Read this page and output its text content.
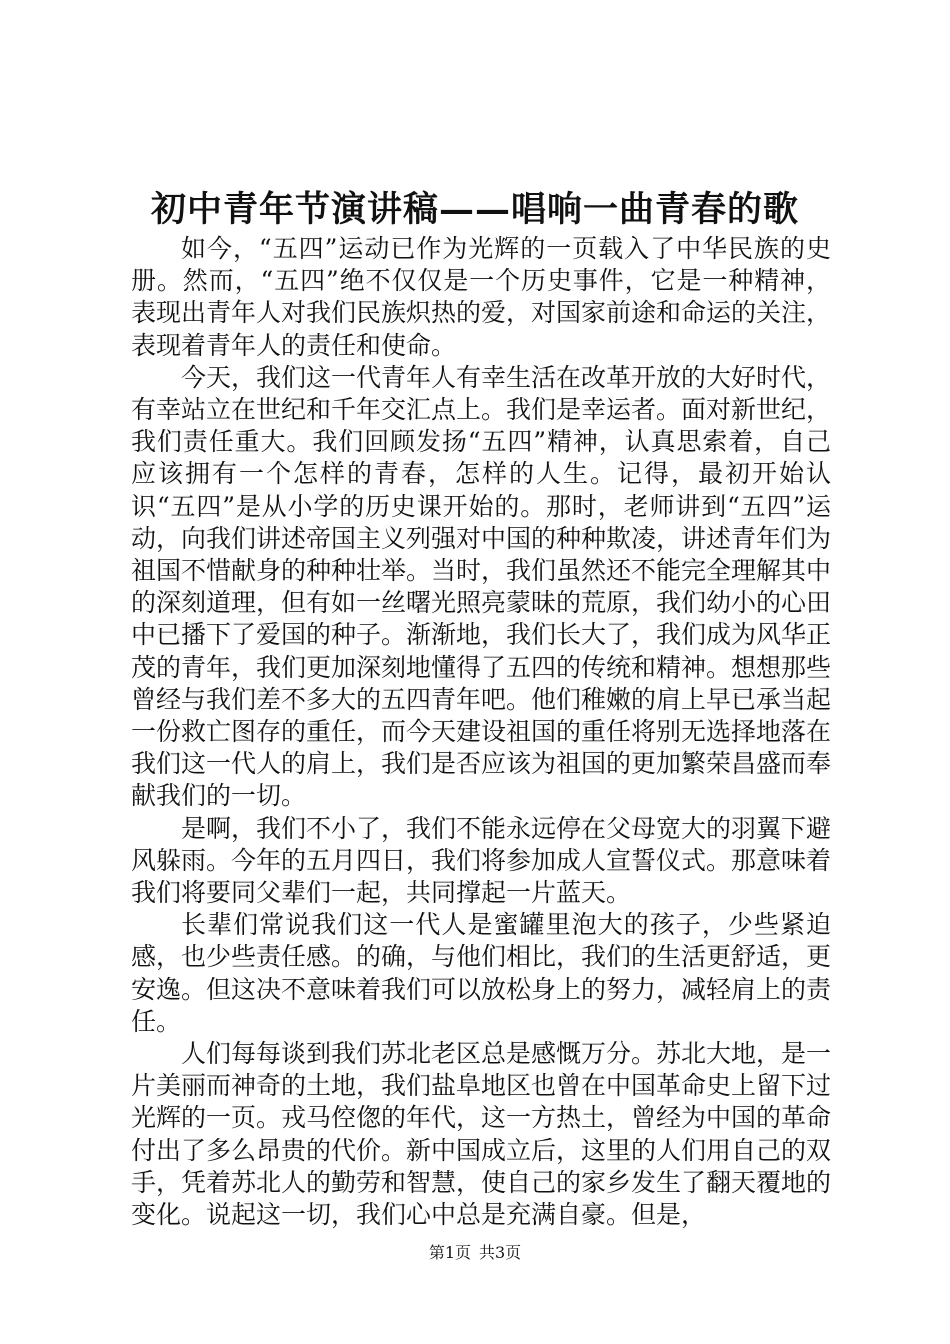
初中青年节演讲稿——唱响一曲青春的歌

如今，“五四”运动已作为光辉的一页载入了中华民族的史册。然而，“五四”绝不仅仅是一个历史事件，它是一种精神，表现出青年人对我们民族炽热的爱，对国家前途和命运的关注，表现着青年人的责任和使命。

今天，我们这一代青年人有幸生活在改革开放的大好时代，有幸站立在世纪和千年交汇点上。我们是幸运者。面对新世纪，我们责任重大。我们回顾发扬“五四”精神，认真思索着，自己应该拥有一个怎样的青春，怎样的人生。记得，最初开始认识“五四”是从小学的历史课开始的。那时，老师讲到“五四”运动，向我们讲述帝国主义列强对中国的种种欺凌，讲述青年们为祖国不惜献身的种种壮举。当时，我们虽然还不能完全理解其中的深刻道理，但有如一丝曙光照亮蒙昧的荒原，我们幼小的心田中已播下了爱国的种子。渐渐地，我们长大了，我们成为风华正茂的青年，我们更加深刻地懂得了五四的传统和精神。想想那些曾经与我们差不多大的五四青年吧。他们稚嫩的肩上早已承当起一份救亡图存的重任，而今天建设祖国的重任将别无选择地落在我们这一代人的肩上，我们是否应该为祖国的更加繁荣昌盛而奉献我们的一切。

是啊，我们不小了，我们不能永远停在父母宽大的羽翼下避风躲雨。今年的五月四日，我们将参加成人宣誓仪式。那意味着我们将要同父辈们一起，共同撑起一片蓝天。

长辈们常说我们这一代人是蜜罐里泡大的孩子，少些紧迫感，也少些责任感。的确，与他们相比，我们的生活更舒适，更安逸。但这决不意味着我们可以放松身上的努力，减轻肩上的责任。

人们每每谈到我们苏北老区总是感慨万分。苏北大地，是一片美丽而神奇的土地，我们盐阜地区也曾在中国革命史上留下过光辉的一页。戎马倥偬的年代，这一方热土，曾经为中国的革命付出了多么昂贵的代价。新中国成立后，这里的人们用自己的双手，凭着苏北人的勤劳和智慧，使自己的家乡发生了翻天覆地的变化。说起这一切，我们心中总是充满自豪。但是，

第1页 共3页
